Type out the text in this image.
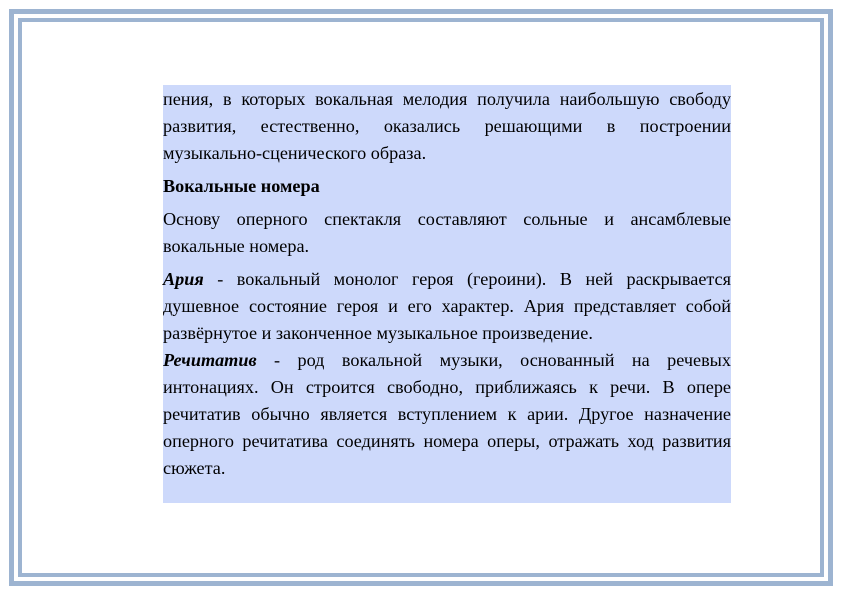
пения, в которых вокальная мелодия получила наибольшую свободу развития, естественно, оказались решающими в построении музыкально-сценического образа.

Вокальные номера

Основу оперного спектакля составляют сольные и ансамблевые вокальные номера.

Ария - вокальный монолог героя (героини). В ней раскрывается душевное состояние героя и его характер. Ария представляет собой развёрнутое и законченное музыкальное произведение.

Речитатив - род вокальной музыки, основанный на речевых интонациях. Он строится свободно, приближаясь к речи. В опере речитатив обычно является вступлением к арии. Другое назначение оперного речитатива соединять номера оперы, отражать ход развития сюжета.
